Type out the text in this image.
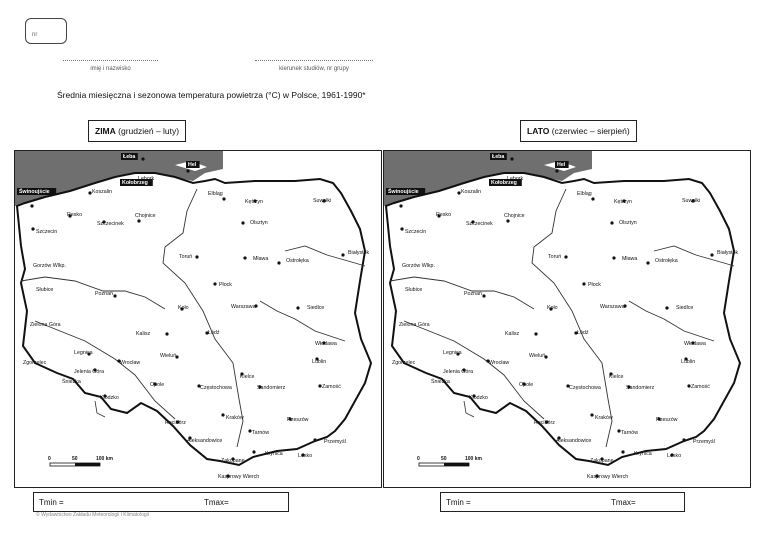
nr
imię i nazwisko	kierunek studiów, nr grupy
Średnia miesięczna i sezonowa temperatura powietrza (°C) w Polsce, 1961-1990*
ZIMA (grudzień – luty)	LATO (czerwiec – sierpień)
Łeba
Hel
Kołobrzeg
Świnoujście	Koszalin
Lębork
Elbląg
Suwałki
Kętrzyn
Resko	Chojnice
Szczecinek	Olsztyn
Szczecin
Białystok
Toruń	Mława	Ostrołęka
Gorzów Wlkp.
Płock
Słubice
Poznań
Koło	Siedlce
Warszawa
Zielona Góra
Kalisz	Łódź
Włodawa
Legnica	Wieluń
Lublin
Zgorzelec	Wrocław
Jelenia Góra
Śnieżka	Opole
Kielce
Częstochowa	Sandomierz	Zamość
Kłodzko
Racibórz
Kraków	Rzeszów
Tarnów
Aleksandowice	Przemyśl
Krynica	Lesko
Zakopane
Kasprowy Wierch
0	50	100 km
Łeba
Hel
Kołobrzeg
Świnoujście	Koszalin
Lębork
Elbląg
Suwałki
Kętrzyn
Resko	Chojnice
Szczecinek	Olsztyn
Szczecin
Białystok
Toruń	Mława	Ostrołęka
Gorzów Wlkp.
Płock
Słubice
Poznań
Koło	Siedlce
Warszawa
Zielona Góra
Kalisz	Łódź
Włodawa
Legnica	Wieluń
Lublin
Zgorzelec	Wrocław
Jelenia Góra
Śnieżka	Opole
Kielce
Częstochowa	Sandomierz	Zamość
Kłodzko
Racibórz
Kraków	Rzeszów
Tarnów
Aleksandowice	Przemyśl
Krynica	Lesko
Zakopane
Kasprowy Wierch
0	50	100 km
Tmin =	Tmax=	Tmin =	Tmax=
© Wydawnictwo Zakładu Meteorologii i Klimatologii
